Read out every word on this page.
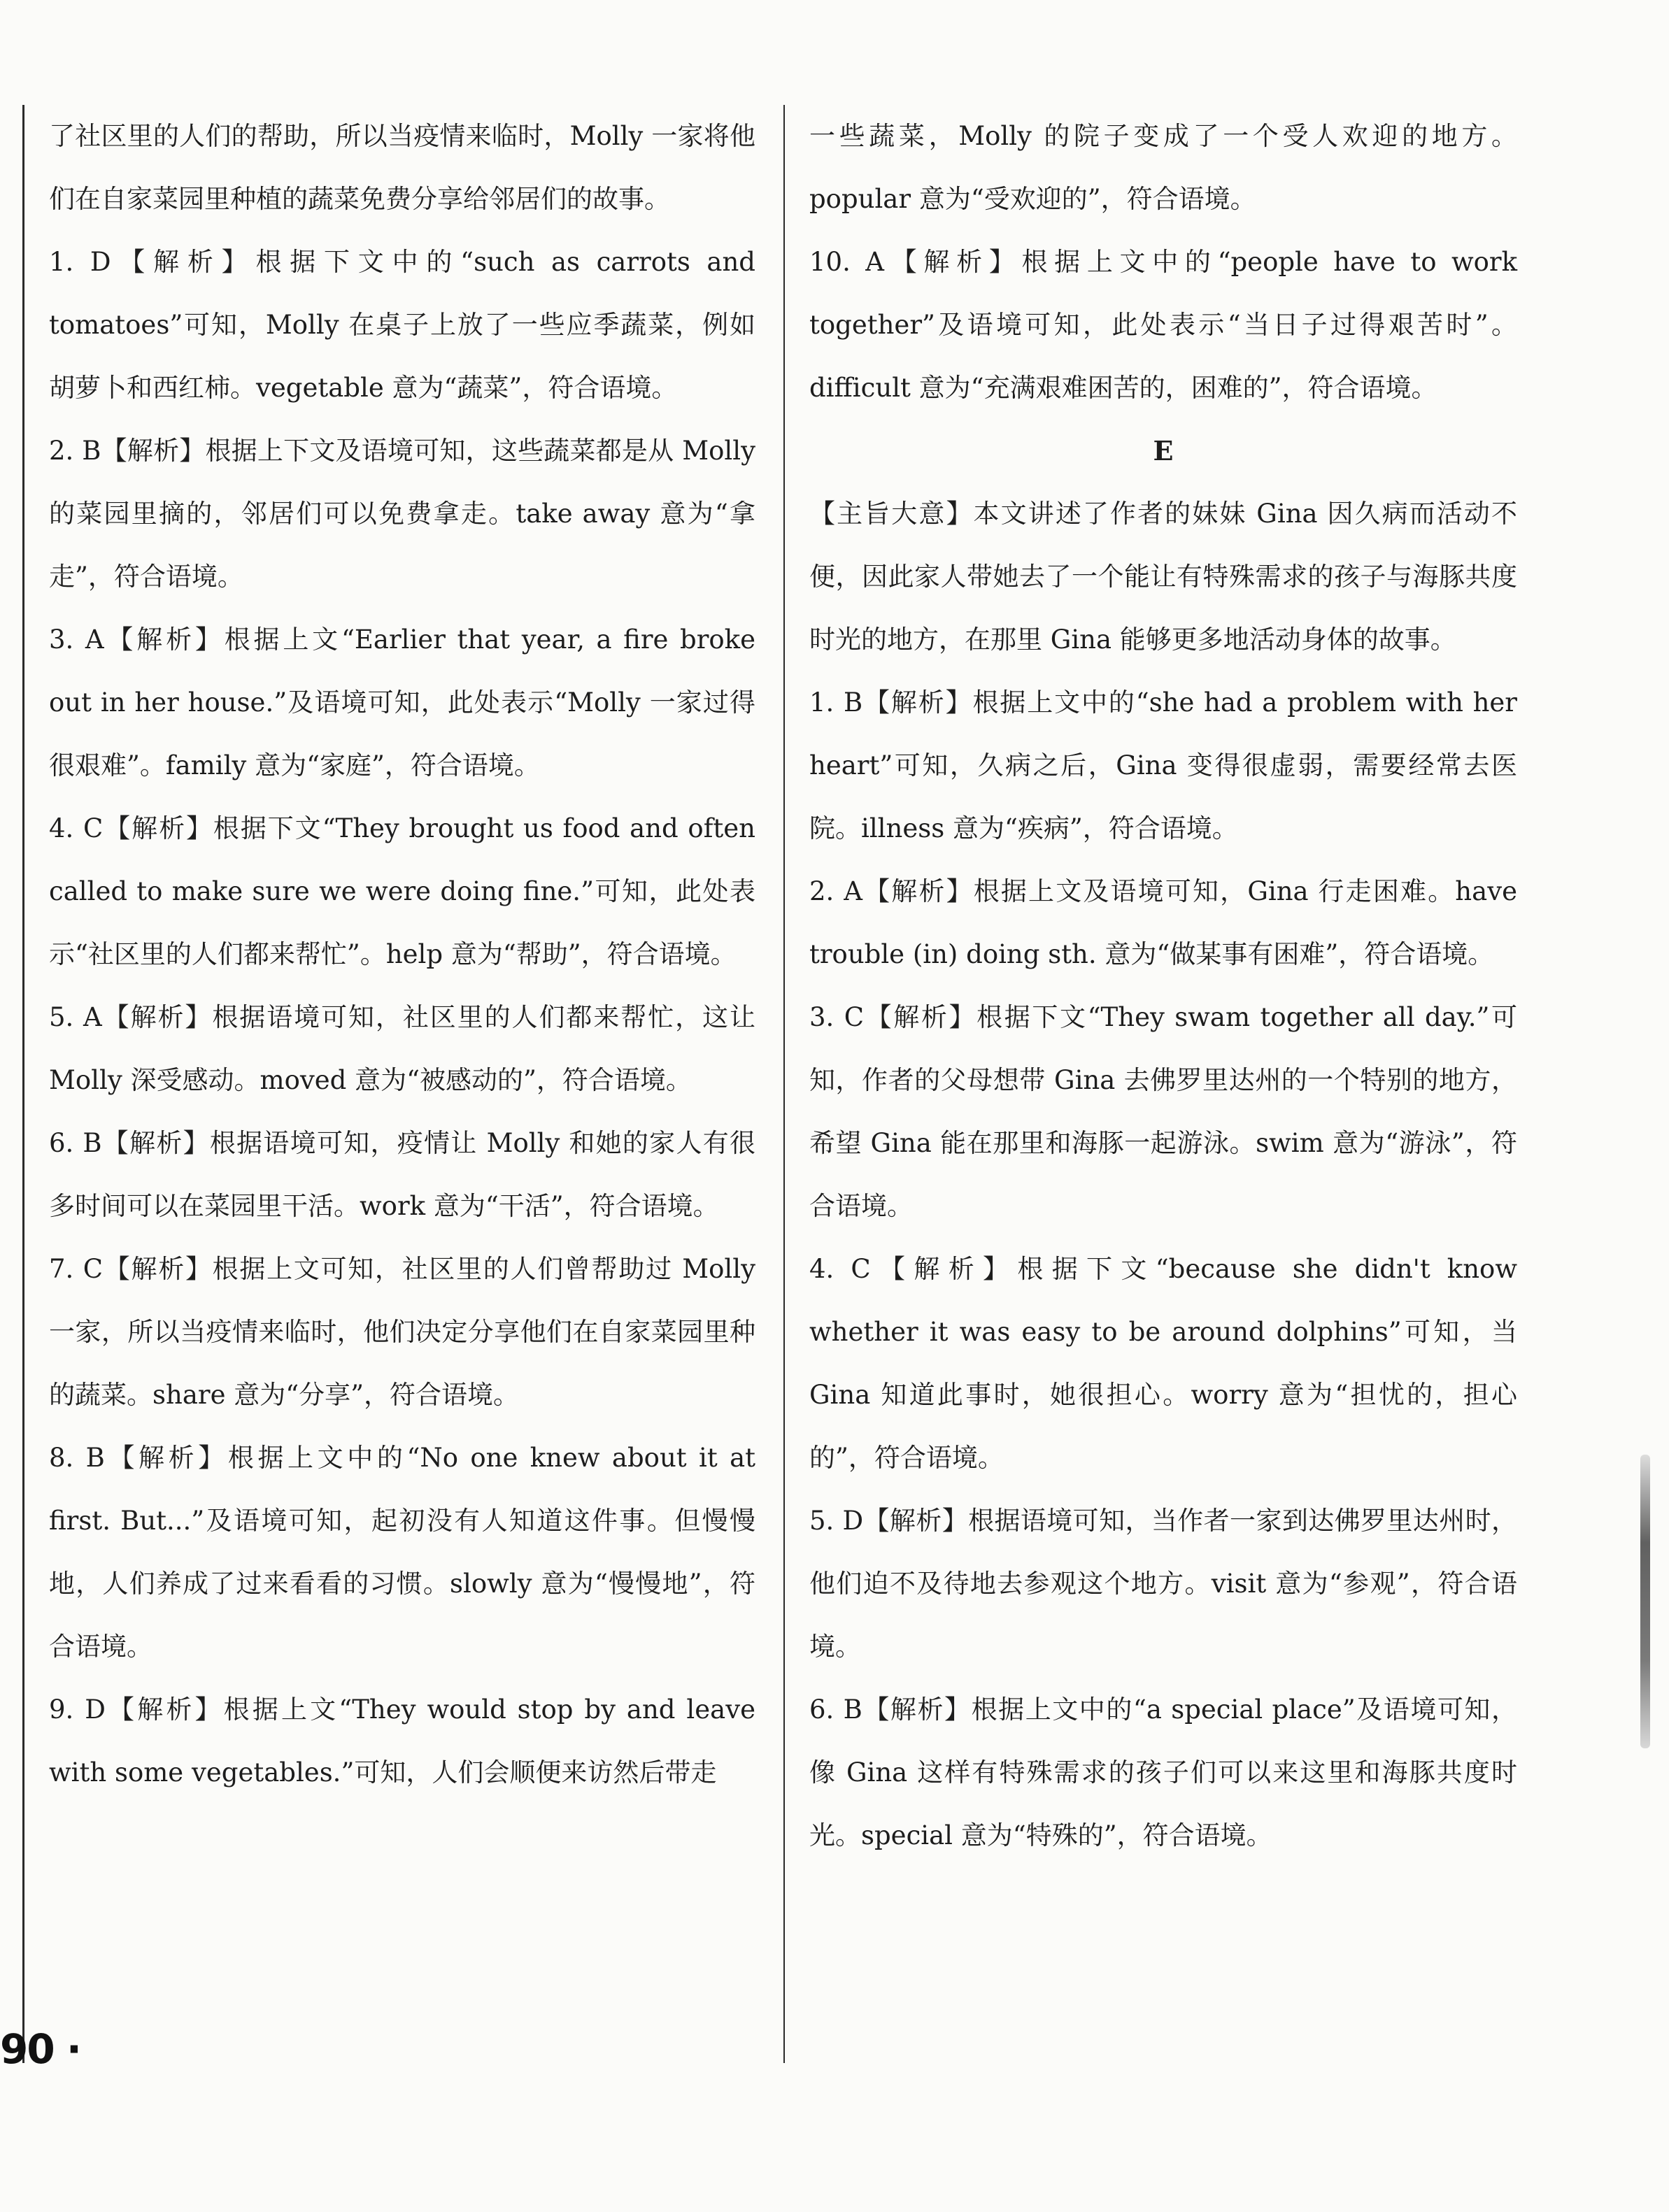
了社区里的人们的帮助，所以当疫情来临时，Molly 一家将他们在自家菜园里种植的蔬菜免费分享给邻居们的故事。

1. D【解析】根据下文中的“such as carrots and tomatoes”可知，Molly 在桌子上放了一些应季蔬菜，例如胡萝卜和西红柿。vegetable 意为“蔬菜”，符合语境。

2. B【解析】根据上下文及语境可知，这些蔬菜都是从 Molly 的菜园里摘的，邻居们可以免费拿走。take away 意为“拿走”，符合语境。

3. A【解析】根据上文“Earlier that year, a fire broke out in her house.”及语境可知，此处表示“Molly 一家过得很艰难”。family 意为“家庭”，符合语境。

4. C【解析】根据下文“They brought us food and often called to make sure we were doing fine.”可知，此处表示“社区里的人们都来帮忙”。help 意为“帮助”，符合语境。

5. A【解析】根据语境可知，社区里的人们都来帮忙，这让 Molly 深受感动。moved 意为“被感动的”，符合语境。

6. B【解析】根据语境可知，疫情让 Molly 和她的家人有很多时间可以在菜园里干活。work 意为“干活”，符合语境。

7. C【解析】根据上文可知，社区里的人们曾帮助过 Molly 一家，所以当疫情来临时，他们决定分享他们在自家菜园里种的蔬菜。share 意为“分享”，符合语境。

8. B【解析】根据上文中的“No one knew about it at first. But...”及语境可知，起初没有人知道这件事。但慢慢地，人们养成了过来看看的习惯。slowly 意为“慢慢地”，符合语境。

9. D【解析】根据上文“They would stop by and leave with some vegetables.”可知，人们会顺便来访然后带走

一些蔬菜，Molly 的院子变成了一个受人欢迎的地方。popular 意为“受欢迎的”，符合语境。

10. A【解析】根据上文中的“people have to work together”及语境可知，此处表示“当日子过得艰苦时”。difficult 意为“充满艰难困苦的，困难的”，符合语境。

E

【主旨大意】本文讲述了作者的妹妹 Gina 因久病而活动不便，因此家人带她去了一个能让有特殊需求的孩子与海豚共度时光的地方，在那里 Gina 能够更多地活动身体的故事。

1. B【解析】根据上文中的“she had a problem with her heart”可知，久病之后，Gina 变得很虚弱，需要经常去医院。illness 意为“疾病”，符合语境。

2. A【解析】根据上文及语境可知，Gina 行走困难。have trouble (in) doing sth. 意为“做某事有困难”，符合语境。

3. C【解析】根据下文“They swam together all day.”可知，作者的父母想带 Gina 去佛罗里达州的一个特别的地方，希望 Gina 能在那里和海豚一起游泳。swim 意为“游泳”，符合语境。

4. C【解析】根据下文“because she didn't know whether it was easy to be around dolphins”可知，当 Gina 知道此事时，她很担心。worry 意为“担忧的，担心的”，符合语境。

5. D【解析】根据语境可知，当作者一家到达佛罗里达州时，他们迫不及待地去参观这个地方。visit 意为“参观”，符合语境。

6. B【解析】根据上文中的“a special place”及语境可知，像 Gina 这样有特殊需求的孩子们可以来这里和海豚共度时光。special 意为“特殊的”，符合语境。

90 ·
